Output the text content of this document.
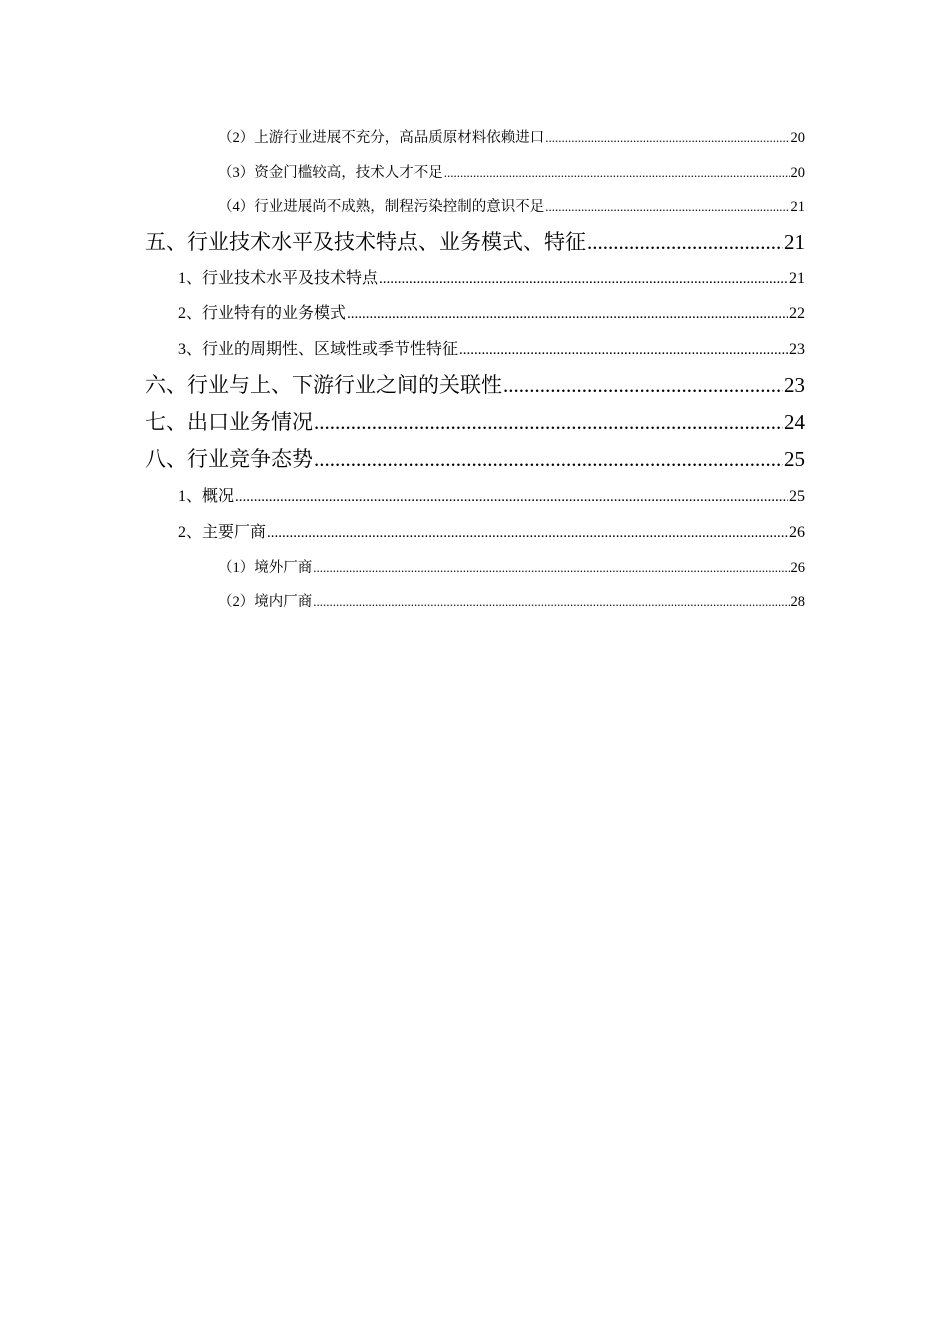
（2）上游行业进展不充分，高品质原材料依赖进口 .....	20
（3）资金门槛较高，技术人才不足 .....	20
（4）行业进展尚不成熟，制程污染控制的意识不足 .....	21
五、行业技术水平及技术特点、业务模式、特征 .....	21
1、行业技术水平及技术特点 .....	21
2、行业特有的业务模式 .....	22
3、行业的周期性、区域性或季节性特征 .....	23
六、行业与上、下游行业之间的关联性 .....	23
七、出口业务情况 .....	24
八、行业竞争态势 .....	25
1、概况 .....	25
2、主要厂商 .....	26
（1）境外厂商 .....	26
（2）境内厂商 .....	28
